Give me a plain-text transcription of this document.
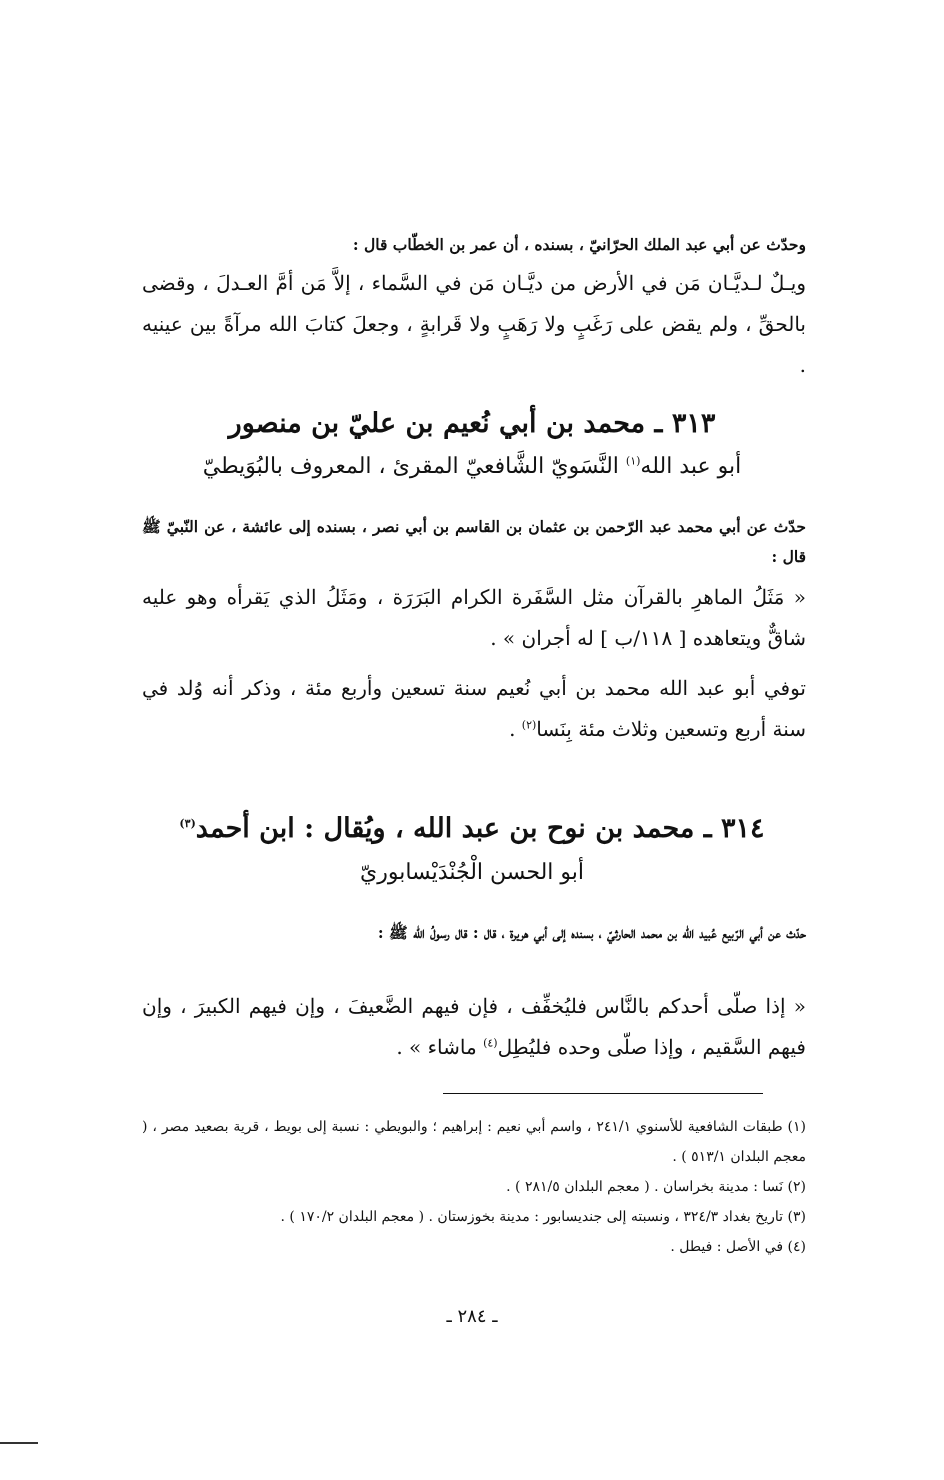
وحدّث عن أبي عبد الملك الحرّانيّ ، بسنده ، أن عمر بن الخطّاب قال :
ويـلٌ لـديَّـان مَن في الأرض من ديَّـان مَن في السَّماء ، إلاَّ مَن أمَّ العـدلَ ، وقضى بالحقِّ ، ولم يقض على رَغَبٍ ولا رَهَبٍ ولا قَرابةٍ ، وجعلَ كتابَ الله مرآةً بين عينيه .
٣١٣ ـ محمد بن أبي نُعيم بن عليّ بن منصور
أبو عبد الله$^{(١)}$ النَّسَويّ الشَّافعيّ المقرئ ، المعروف بالبُوَيطيّ
حدّث عن أبي محمد عبد الرّحمن بن عثمان بن القاسم بن أبي نصر ، بسنده إلى عائشة ، عن النّبيّ ﷺ قال :
« مَثَلُ الماهرِ بالقرآن مثل السَّفَرة الكرام البَرَرَة ، ومَثَلُ الذي يَقرأه وهو عليه شاقٌّ ويتعاهده [ ١١٨/ب ] له أجران » .
توفي أبو عبد الله محمد بن أبي نُعيم سنة تسعين وأربع مئة ، وذكر أنه وُلد في سنة أربع وتسعين وثلاث مئة بِنَسا$^{(٢)}$ .
٣١٤ ـ محمد بن نوح بن عبد الله ، ويُقال : ابن أحمد$^{(٣)}$
أبو الحسن الْجُنْدَيْسابوريّ
حدّث عن أبي الرّبيع عُبيد الله بن محمد الحارثيّ ، بسنده إلى أبي هريرة ، قال : قال رسولُ الله ﷺ :
« إذا صلّى أحدكم بالنَّاس فليُخفِّف ، فإن فيهم الضَّعيفَ ، وإن فيهم الكبيرَ ، وإن فيهم السَّقيم ، وإذا صلّى وحده فليُطِل$^{(٤)}$ ماشاء » .
(١) طبقات الشافعية للأسنوي ٢٤١/١ ، واسم أبي نعيم : إبراهيم ؛ والبويطي : نسبة إلى بويط ، قرية بصعيد مصر ، ( معجم البلدان ٥١٣/١ ) .
(٢) نَسا : مدينة بخراسان . ( معجم البلدان ٢٨١/٥ ) .
(٣) تاريخ بغداد ٣٢٤/٣ ، ونسبته إلى جنديسابور : مدينة بخوزستان . ( معجم البلدان ١٧٠/٢ ) .
(٤) في الأصل : فيطل .
ـ ٢٨٤ ـ
